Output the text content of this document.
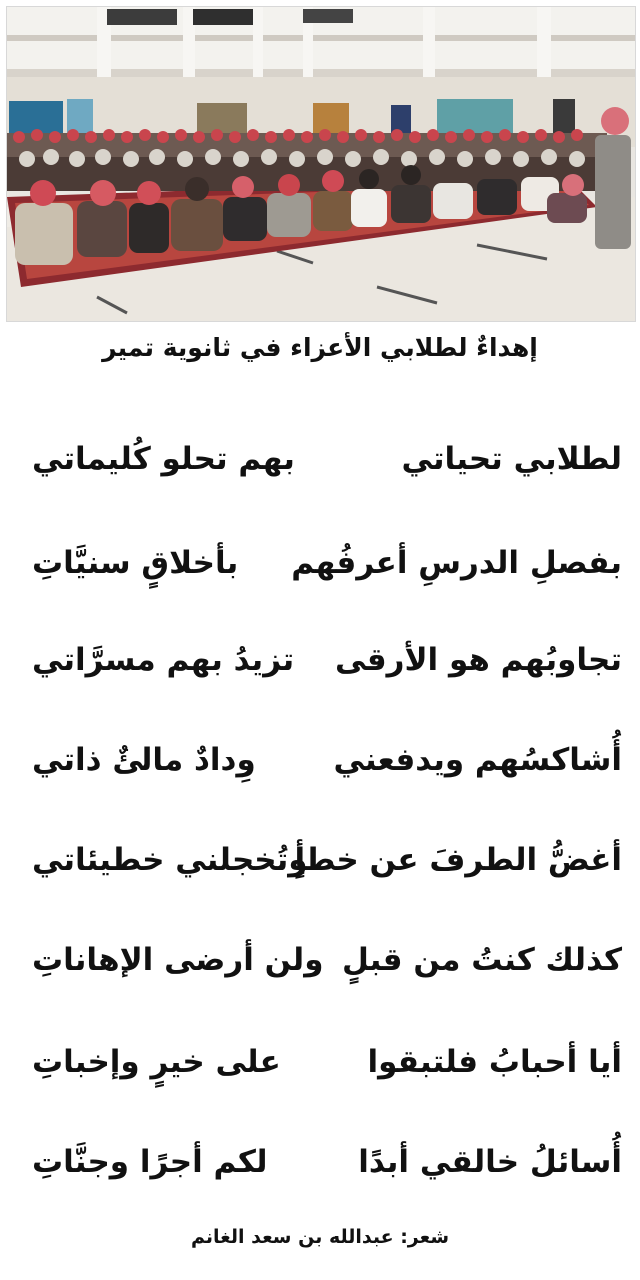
إهداءٌ لطلابي الأعزاء في ثانوية تمير
لطلابي تحياتي
بهم تحلو كُليماتي
بفصلِ الدرسِ أعرفُهم
بأخلاقٍ سنيَّاتِ
تجاوبُهم هو الأرقى
تزيدُ بهم مسرَّاتي
أُشاكسُهم ويدفعني
وِدادٌ مالئٌ ذاتي
أغضُّ الطرفَ عن خطأٍ
وتُخجلني خطيئاتي
كذلك كنتُ من قبلٍ
ولن أرضى الإهاناتِ
أيا أحبابُ فلتبقوا
على خيرٍ وإخباتِ
أُسائلُ خالقي أبدًا
لكم أجرًا وجنَّاتِ
شعر: عبدالله بن سعد الغانم
